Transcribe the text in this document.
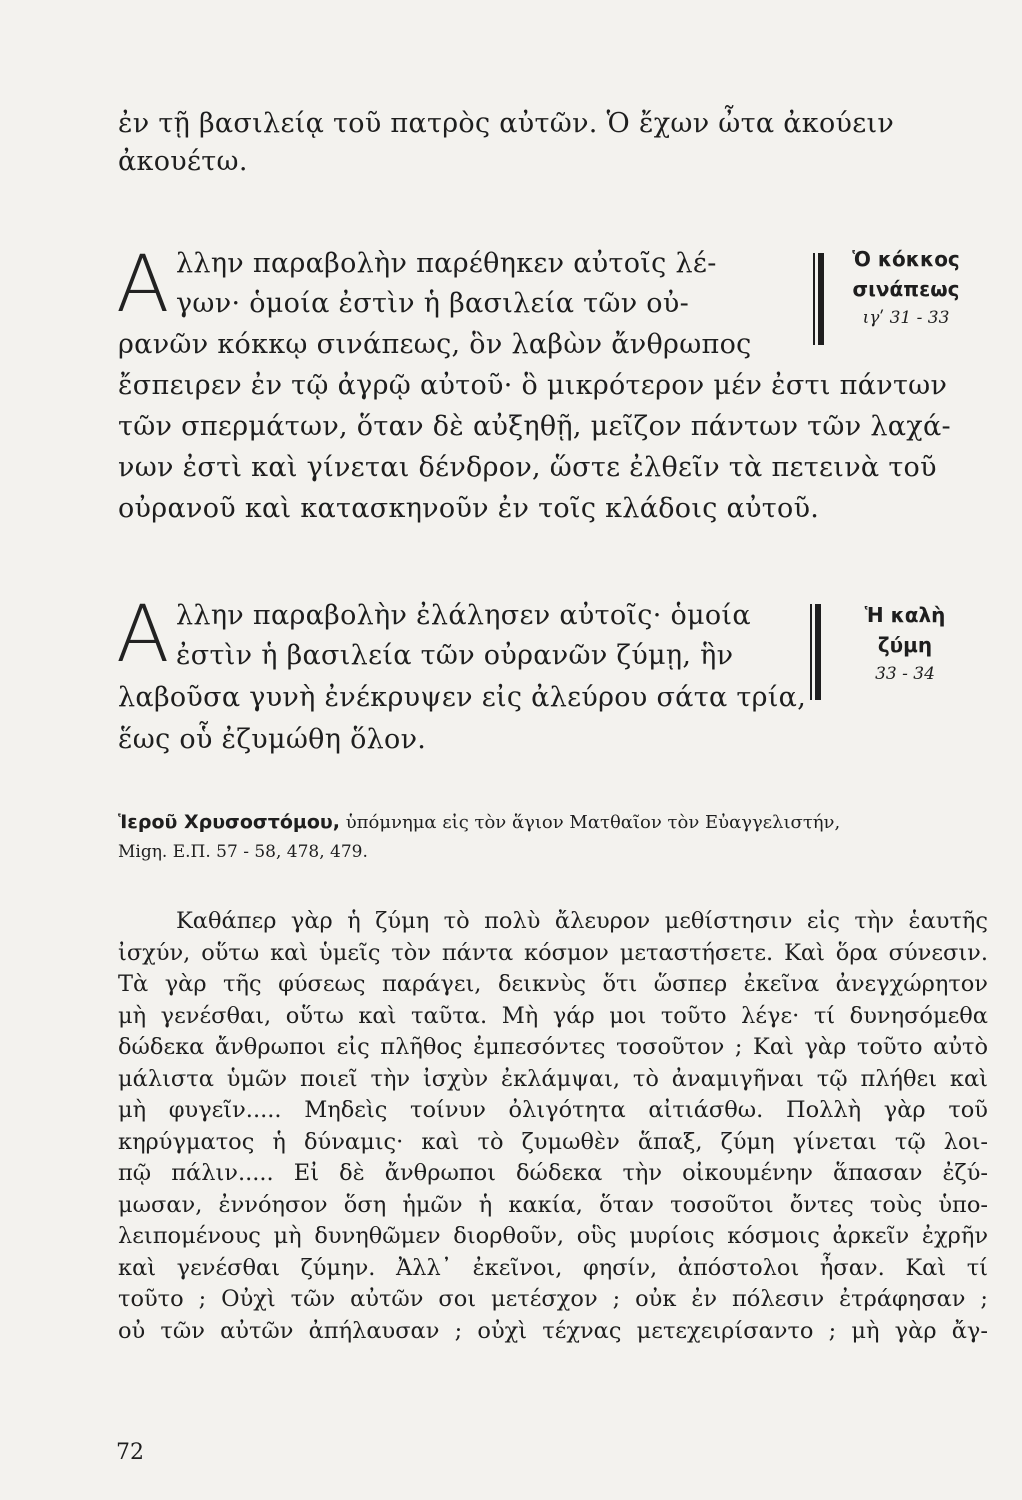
ἐν τῇ βασιλείᾳ τοῦ πατρὸς αὐτῶν. Ὁ ἔχων ὦτα ἀκούειν
ἀκουέτω.
Α λλην παραβολὴν παρέθηκεν αὐτοῖς λέ-
γων· ὁμοία ἐστὶν ἡ βασιλεία τῶν οὐ-
ρανῶν κόκκῳ σινάπεως, ὃν λαβὼν ἄνθρωπος
ἔσπειρεν ἐν τῷ ἀγρῷ αὐτοῦ· ὃ μικρότερον μέν ἐστι πάντων
τῶν σπερμάτων, ὅταν δὲ αὐξηθῇ, μεῖζον πάντων τῶν λαχά-
νων ἐστὶ καὶ γίνεται δένδρον, ὥστε ἐλθεῖν τὰ πετεινὰ τοῦ
οὐρανοῦ καὶ κατασκηνοῦν ἐν τοῖς κλάδοις αὐτοῦ.
Ὁ κόκκος
σινάπεως
ιγʹ 31 - 33
Α λλην παραβολὴν ἐλάλησεν αὐτοῖς· ὁμοία
ἐστὶν ἡ βασιλεία τῶν οὐρανῶν ζύμῃ, ἣν
λαβοῦσα γυνὴ ἐνέκρυψεν εἰς ἀλεύρου σάτα τρία,
ἕως οὗ ἐζυμώθη ὅλον.
Ἡ καλὴ
ζύμη
33 - 34
Ἱεροῦ Χρυσοστόμου, ὑπόμνημα εἰς τὸν ἅγιον Ματθαῖον τὸν Εὐαγγελιστήν,
Migη. Ε.Π. 57 - 58, 478, 479.
Καθάπερ γὰρ ἡ ζύμη τὸ πολὺ ἄλευρον μεθίστησιν εἰς τὴν ἑαυτῆς
ἰσχύν, οὕτω καὶ ὑμεῖς τὸν πάντα κόσμον μεταστήσετε. Καὶ ὅρα σύνεσιν.
Τὰ γὰρ τῆς φύσεως παράγει, δεικνὺς ὅτι ὥσπερ ἐκεῖνα ἀνεγχώρητον
μὴ γενέσθαι, οὕτω καὶ ταῦτα. Μὴ γάρ μοι τοῦτο λέγε· τί δυνησόμεθα
δώδεκα ἄνθρωποι εἰς πλῆθος ἐμπεσόντες τοσοῦτον ; Καὶ γὰρ τοῦτο αὐτὸ
μάλιστα ὑμῶν ποιεῖ τὴν ἰσχὺν ἐκλάμψαι, τὸ ἀναμιγῆναι τῷ πλήθει καὶ
μὴ φυγεῖν..... Μηδεὶς τοίνυν ὀλιγότητα αἰτιάσθω. Πολλὴ γὰρ τοῦ
κηρύγματος ἡ δύναμις· καὶ τὸ ζυμωθὲν ἅπαξ, ζύμη γίνεται τῷ λοι-
πῷ πάλιν..... Εἰ δὲ ἄνθρωποι δώδεκα τὴν οἰκουμένην ἅπασαν ἐζύ-
μωσαν, ἐννόησον ὅση ἡμῶν ἡ κακία, ὅταν τοσοῦτοι ὄντες τοὺς ὑπο-
λειπομένους μὴ δυνηθῶμεν διορθοῦν, οὓς μυρίοις κόσμοις ἀρκεῖν ἐχρῆν
καὶ γενέσθαι ζύμην. Ἀλλ᾽ ἐκεῖνοι, φησίν, ἀπόστολοι ἦσαν. Καὶ τί
τοῦτο ; Οὐχὶ τῶν αὐτῶν σοι μετέσχον ; οὐκ ἐν πόλεσιν ἐτράφησαν ;
οὐ τῶν αὐτῶν ἀπήλαυσαν ; οὐχὶ τέχνας μετεχειρίσαντο ; μὴ γὰρ ἄγ-
72
